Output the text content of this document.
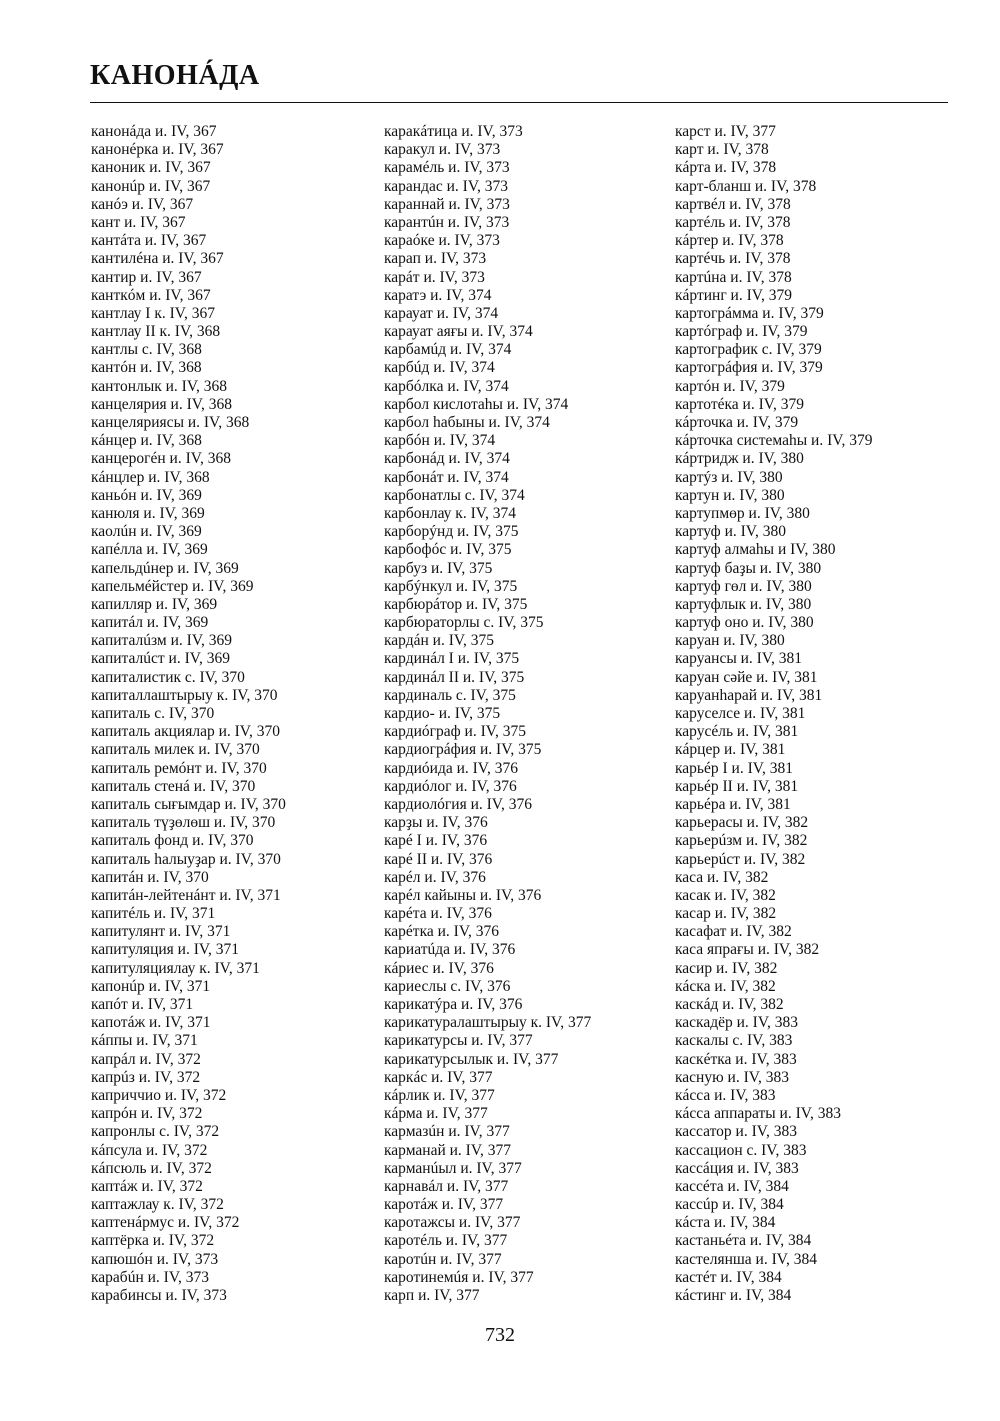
КАНОНÁДА
канонáда и. IV, 367
канонéрка и. IV, 367
каноник и. IV, 367
канонúр и. IV, 367
канóэ и. IV, 367
кант и. IV, 367
кантáта и. IV, 367
кантилéна и. IV, 367
кантир и. IV, 367
канткóм и. IV, 367
кантлау I к. IV, 367
кантлау II к. IV, 368
кантлы с. IV, 368
кантóн и. IV, 368
кантонлык и. IV, 368
канцелярия и. IV, 368
канцеляриясы и. IV, 368
кáнцер и. IV, 368
канцерогéн и. IV, 368
кáнцлер и. IV, 368
каньóн и. IV, 369
канюля и. IV, 369
каолúн и. IV, 369
капéлла и. IV, 369
капельдúнер и. IV, 369
капельмéйстер и. IV, 369
капилляр и. IV, 369
капитáл и. IV, 369
капиталúзм и. IV, 369
капиталúст и. IV, 369
капиталистик с. IV, 370
капиталлаштырыу к. IV, 370
капиталь с. IV, 370
капиталь акциялар и. IV, 370
капиталь милек и. IV, 370
капиталь ремóнт и. IV, 370
капиталь стенá и. IV, 370
капиталь сығымдар и. IV, 370
капиталь түҙөлөш и. IV, 370
капиталь фонд и. IV, 370
капиталь һалыуҙар и. IV, 370
капитáн и. IV, 370
капитáн-лейтенáнт и. IV, 371
капитéль и. IV, 371
капитулянт и. IV, 371
капитуляция и. IV, 371
капитуляциялау к. IV, 371
капонúр и. IV, 371
капóт и. IV, 371
капотáж и. IV, 371
кáппы и. IV, 371
капрáл и. IV, 372
капрúз и. IV, 372
каприччио и. IV, 372
капрóн и. IV, 372
капронлы с. IV, 372
кáпсула и. IV, 372
кáпсюль и. IV, 372
каптáж и. IV, 372
каптажлау к. IV, 372
каптенáрмус и. IV, 372
каптёрка и. IV, 372
капюшóн и. IV, 373
карабúн и. IV, 373
карабинсы и. IV, 373
каракáтица и. IV, 373
каракул и. IV, 373
карамéль и. IV, 373
карандас и. IV, 373
караннай и. IV, 373
карантúн и. IV, 373
караóке и. IV, 373
карап и. IV, 373
карáт и. IV, 373
каратэ и. IV, 374
карауат и. IV, 374
карауат аяғы и. IV, 374
карбамúд и. IV, 374
карбúд и. IV, 374
карбóлка и. IV, 374
карбол кислотаһы и. IV, 374
карбол һабыны и. IV, 374
карбóн и. IV, 374
карбонáд и. IV, 374
карбонáт и. IV, 374
карбонатлы с. IV, 374
карбонлау к. IV, 374
карборýнд и. IV, 375
карбофóс и. IV, 375
карбуз и. IV, 375
карбýнкул и. IV, 375
карбюрáтор и. IV, 375
карбюраторлы с. IV, 375
кардáн и. IV, 375
кардинáл I и. IV, 375
кардинáл II и. IV, 375
кардиналь с. IV, 375
кардио- и. IV, 375
кардиóграф и. IV, 375
кардиогрáфия и. IV, 375
кардиóида и. IV, 376
кардиóлог и. IV, 376
кардиолóгия и. IV, 376
карҙы и. IV, 376
карé I и. IV, 376
карé II и. IV, 376
карéл и. IV, 376
карéл кайыны и. IV, 376
карéта и. IV, 376
карéтка и. IV, 376
кариатúда и. IV, 376
кáриес и. IV, 376
кариеслы с. IV, 376
карикатýра и. IV, 376
карикатуралаштырыу к. IV, 377
карикатурсы и. IV, 377
карикатурсылык и. IV, 377
каркáс и. IV, 377
кáрлик и. IV, 377
кáрма и. IV, 377
кармазúн и. IV, 377
карманай и. IV, 377
карманúыл и. IV, 377
карнавáл и. IV, 377
каротáж и. IV, 377
каротажсы и. IV, 377
каротéль и. IV, 377
каротúн и. IV, 377
каротинемúя и. IV, 377
карп и. IV, 377
карст и. IV, 377
карт и. IV, 378
кáрта и. IV, 378
карт-бланш и. IV, 378
картвéл и. IV, 378
картéль и. IV, 378
кáртер и. IV, 378
картéчь и. IV, 378
картúна и. IV, 378
кáртинг и. IV, 379
картогрáмма и. IV, 379
картóграф и. IV, 379
картографик с. IV, 379
картогрáфия и. IV, 379
картóн и. IV, 379
картотéка и. IV, 379
кáрточка и. IV, 379
кáрточка системаһы и. IV, 379
кáртридж и. IV, 380
картýз и. IV, 380
картун и. IV, 380
картупмөр и. IV, 380
картуф и. IV, 380
картуф алмаһы и IV, 380
картуф баҙы и. IV, 380
картуф гөл и. IV, 380
картуфлык и. IV, 380
картуф оно и. IV, 380
каруан и. IV, 380
каруансы и. IV, 381
каруан сәйе и. IV, 381
каруанһарай и. IV, 381
каруселсе и. IV, 381
карусéль и. IV, 381
кáрцер и. IV, 381
карьéр I и. IV, 381
карьéр II и. IV, 381
карьéра и. IV, 381
карьерасы и. IV, 382
карьерúзм и. IV, 382
карьерúст и. IV, 382
каса и. IV, 382
касак и. IV, 382
касар и. IV, 382
касафат и. IV, 382
каса япрағы и. IV, 382
касир и. IV, 382
кáска и. IV, 382
каскáд и. IV, 382
каскадёр и. IV, 383
каскалы с. IV, 383
каскéтка и. IV, 383
касную и. IV, 383
кáсса и. IV, 383
кáсса аппараты и. IV, 383
кассатор и. IV, 383
кассацион с. IV, 383
кассáция и. IV, 383
кассéта и. IV, 384
кассúр и. IV, 384
кáста и. IV, 384
кастаньéта и. IV, 384
кастелянша и. IV, 384
кастéт и. IV, 384
кáстинг и. IV, 384
732
